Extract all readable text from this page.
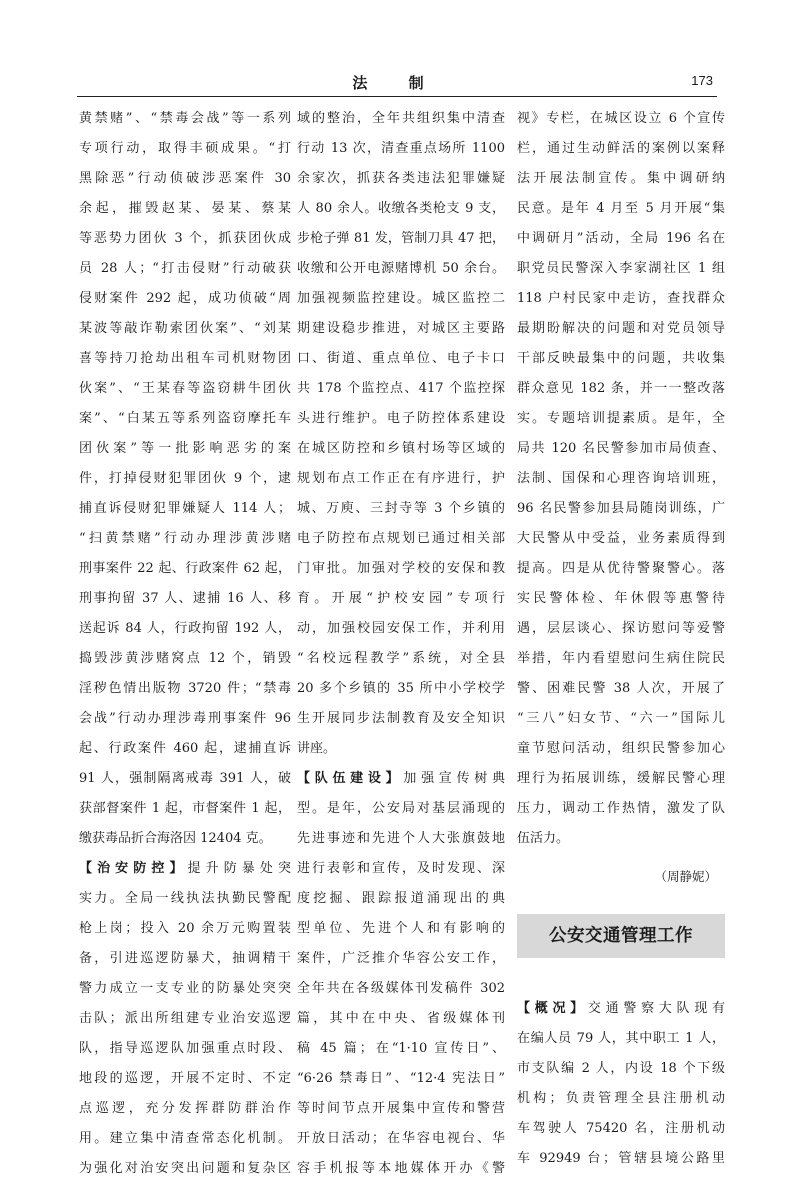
法 制	173
黄禁赌”、“禁毒会战”等一系列
专项行动，取得丰硕成果。“打
黑除恶”行动侦破涉恶案件 30
余起，摧毁赵某、晏某、蔡某
等恶势力团伙 3 个，抓获团伙成
员 28 人；“打击侵财”行动破获
侵财案件 292 起，成功侦破“周
某波等敲诈勒索团伙案”、“刘某
喜等持刀抢劫出租车司机财物团
伙案”、“王某春等盗窃耕牛团伙
案”、“白某五等系列盗窃摩托车
团伙案”等一批影响恶劣的案
件，打掉侵财犯罪团伙 9 个，逮
捕直诉侵财犯罪嫌疑人 114 人；
“扫黄禁赌”行动办理涉黄涉赌
刑事案件 22 起、行政案件 62 起，
刑事拘留 37 人、逮捕 16 人、移
送起诉 84 人，行政拘留 192 人，
捣毁涉黄涉赌窝点 12 个，销毁
淫秽色情出版物 3720 件；“禁毒
会战”行动办理涉毒刑事案件 96
起、行政案件 460 起，逮捕直诉
91 人，强制隔离戒毒 391 人，破
获部督案件 1 起，市督案件 1 起，
缴获毒品折合海洛因 12404 克。
【治安防控】提升防暴处突
实力。全局一线执法执勤民警配
枪上岗；投入 20 余万元购置装
备，引进巡逻防暴犬，抽调精干
警力成立一支专业的防暴处突突
击队；派出所组建专业治安巡逻
队，指导巡逻队加强重点时段、
地段的巡逻，开展不定时、不定
点巡逻，充分发挥群防群治作
用。建立集中清查常态化机制。
为强化对治安突出问题和复杂区
域的整治，全年共组织集中清查
行动 13 次，清查重点场所 1100
余家次，抓获各类违法犯罪嫌疑
人 80 余人。收缴各类枪支 9 支，
步枪子弹 81 发，管制刀具 47 把，
收缴和公开电源赌博机 50 余台。
加强视频监控建设。城区监控二
期建设稳步推进，对城区主要路
口、街道、重点单位、电子卡口
共 178 个监控点、417 个监控探
头进行维护。电子防控体系建设
在城区防控和乡镇村场等区域的
规划布点工作正在有序进行，护
城、万庾、三封寺等 3 个乡镇的
电子防控布点规划已通过相关部
门审批。加强对学校的安保和教
育。开展“护校安园”专项行
动，加强校园安保工作，并利用
“名校远程教学”系统，对全县
20 多个乡镇的 35 所中小学校学
生开展同步法制教育及安全知识
讲座。
【队伍建设】加强宣传树典
型。是年，公安局对基层涌现的
先进事迹和先进个人大张旗鼓地
进行表彰和宣传，及时发现、深
度挖掘、跟踪报道涌现出的典
型单位、先进个人和有影响的
案件，广泛推介华容公安工作，
全年共在各级媒体刊发稿件 302
篇，其中在中央、省级媒体刊
稿 45 篇；在“1·10 宣传日”、
“6·26 禁毒日”、“12·4 宪法日”
等时间节点开展集中宣传和警营
开放日活动；在华容电视台、华
容手机报等本地媒体开办《警
视》专栏，在城区设立 6 个宣传
栏，通过生动鲜活的案例以案释
法开展法制宣传。集中调研纳
民意。是年 4 月至 5 月开展“集
中调研月”活动，全局 196 名在
职党员民警深入李家湖社区 1 组
118 户村民家中走访，查找群众
最期盼解决的问题和对党员领导
干部反映最集中的问题，共收集
群众意见 182 条，并一一整改落
实。专题培训提素质。是年，全
局共 120 名民警参加市局侦查、
法制、国保和心理咨询培训班，
96 名民警参加县局随岗训练，广
大民警从中受益，业务素质得到
提高。四是从优待警聚警心。落
实民警体检、年休假等惠警待
遇，层层谈心、探访慰问等爱警
举措，年内看望慰问生病住院民
警、困难民警 38 人次，开展了
“三八”妇女节、“六一”国际儿
童节慰问活动，组织民警参加心
理行为拓展训练，缓解民警心理
压力，调动工作热情，激发了队
伍活力。
（周静妮）
公安交通管理工作
【概况】交通警察大队现有
在编人员 79 人，其中职工 1 人，
市支队编 2 人，内设 18 个下级
机构；负责管理全县注册机动
车驾驶人 75420 名，注册机动
车 92949 台；管辖县境公路里
